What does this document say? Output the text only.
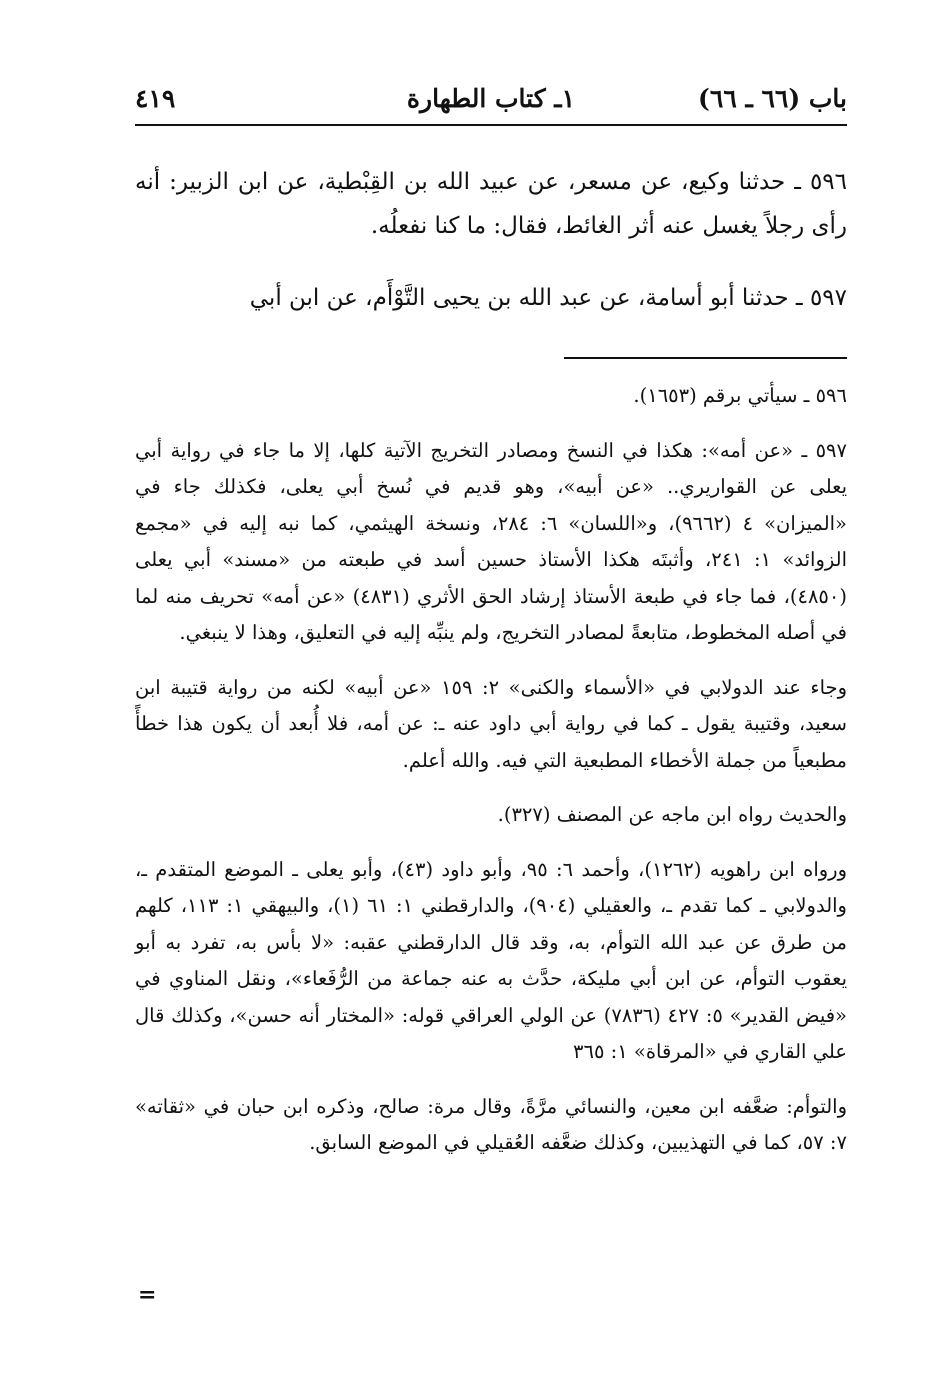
باب (٦٦ ـ ٦٦)
١ـ كتاب الطهارة
٤١٩

٥٩٦ ـ حدثنا وكيع، عن مسعر، عن عبيد الله بن القِبْطية، عن ابن الزبير: أنه رأى رجلاً يغسل عنه أثر الغائط، فقال: ما كنا نفعلُه.

٥٩٧ ـ حدثنا أبو أسامة، عن عبد الله بن يحيى التَّوْأَم، عن ابن أبي

٥٩٦ ـ سيأتي برقم (١٦٥٣).

٥٩٧ ـ «عن أمه»: هكذا في النسخ ومصادر التخريج الآتية كلها، إلا ما جاء في رواية أبي يعلى عن القواريري.. «عن أبيه»، وهو قديم في نُسخ أبي يعلى، فكذلك جاء في «الميزان» ٤ (٩٦٦٢)، و«اللسان» ٦: ٢٨٤، ونسخة الهيثمي، كما نبه إليه في «مجمع الزوائد» ١: ٢٤١، وأثبتَه هكذا الأستاذ حسين أسد في طبعته من «مسند» أبي يعلى (٤٨٥٠)، فما جاء في طبعة الأستاذ إرشاد الحق الأثري (٤٨٣١) «عن أمه» تحريف منه لما في أصله المخطوط، متابعةً لمصادر التخريج، ولم ينبِّه إليه في التعليق، وهذا لا ينبغي.

وجاء عند الدولابي في «الأسماء والكنى» ٢: ١٥٩ «عن أبيه» لكنه من رواية قتيبة ابن سعيد، وقتيبة يقول ـ كما في رواية أبي داود عنه ـ: عن أمه، فلا أُبعد أن يكون هذا خطأً مطبعياً من جملة الأخطاء المطبعية التي فيه. والله أعلم.

والحديث رواه ابن ماجه عن المصنف (٣٢٧).

ورواه ابن راهويه (١٢٦٢)، وأحمد ٦: ٩٥، وأبو داود (٤٣)، وأبو يعلى ـ الموضع المتقدم ـ، والدولابي ـ كما تقدم ـ، والعقيلي (٩٠٤)، والدارقطني ١: ٦١ (١)، والبيهقي ١: ١١٣، كلهم من طرق عن عبد الله التوأم، به، وقد قال الدارقطني عقبه: «لا بأس به، تفرد به أبو يعقوب التوأم، عن ابن أبي مليكة، حدَّث به عنه جماعة من الرُّفَعاء»، ونقل المناوي في «فيض القدير» ٥: ٤٢٧ (٧٨٣٦) عن الولي العراقي قوله: «المختار أنه حسن»، وكذلك قال علي القاري في «المرقاة» ١: ٣٦٥

والتوأم: ضعَّفه ابن معين، والنسائي مرَّةً، وقال مرة: صالح، وذكره ابن حبان في «ثقاته» ٧: ٥٧، كما في التهذيبين، وكذلك ضعَّفه العُقيلي في الموضع السابق.

=
